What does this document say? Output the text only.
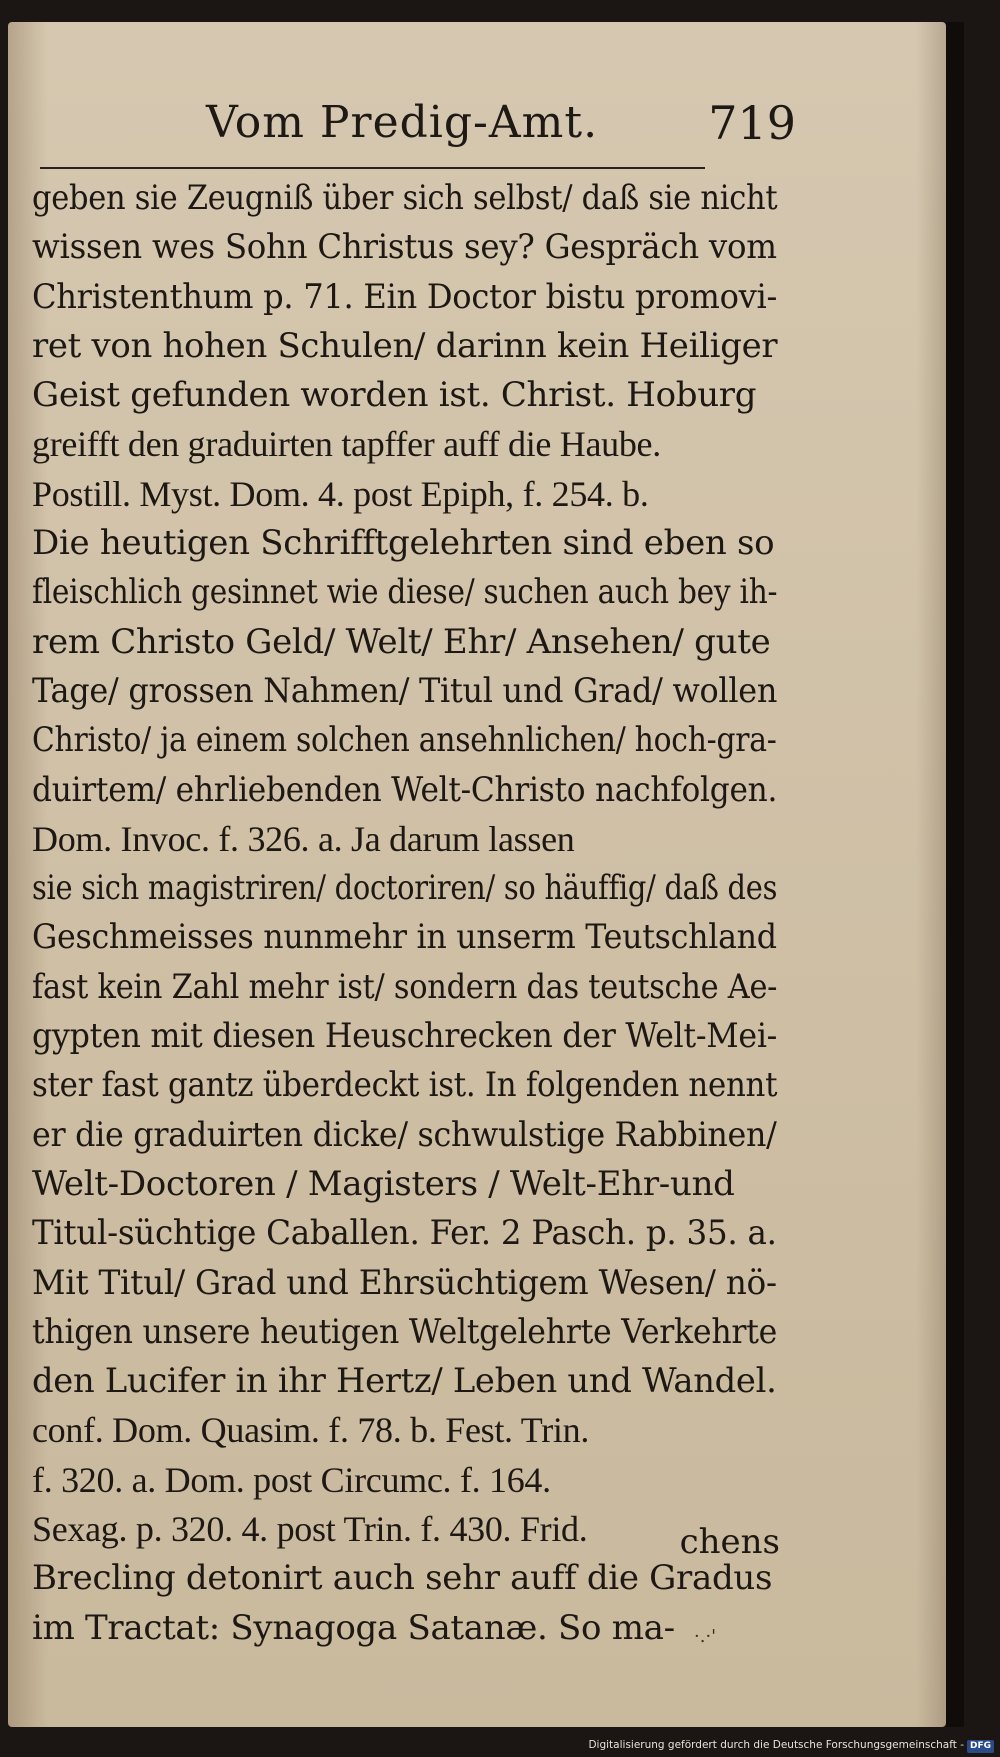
Vom Predig-Amt.	719
geben sie Zeugniß über sich selbst/ daß sie nicht
wissen wes Sohn Christus sey? Gespräch vom
Christenthum p. 71. Ein Doctor bistu promovi-
ret von hohen Schulen/ darinn kein Heiliger
Geist gefunden worden ist. Christ. Hoburg
greifft den graduirten tapffer auff die Haube.
Postill. Myst. Dom. 4. post Epiph, f. 254. b.
Die heutigen Schrifftgelehrten sind eben so
fleischlich gesinnet wie diese/ suchen auch bey ih-
rem Christo Geld/ Welt/ Ehr/ Ansehen/ gute
Tage/ grossen Nahmen/ Titul und Grad/ wollen
Christo/ ja einem solchen ansehnlichen/ hoch-gra-
duirtem/ ehrliebenden Welt-Christo nachfolgen.
Dom. Invoc. f. 326. a. Ja darum lassen
sie sich magistriren/ doctoriren/ so häuffig/ daß des
Geschmeisses nunmehr in unserm Teutschland
fast kein Zahl mehr ist/ sondern das teutsche Ae-
gypten mit diesen Heuschrecken der Welt-Mei-
ster fast gantz überdeckt ist. In folgenden nennt
er die graduirten dicke/ schwulstige Rabbinen/
Welt-Doctoren / Magisters / Welt-Ehr-und
Titul-süchtige Caballen. Fer. 2 Pasch. p. 35. a.
Mit Titul/ Grad und Ehrsüchtigem Wesen/ nö-
thigen unsere heutigen Weltgelehrte Verkehrte
den Lucifer in ihr Hertz/ Leben und Wandel.
conf. Dom. Quasim. f. 78. b. Fest. Trin.
f. 320. a. Dom. post Circumc. f. 164.
Sexag. p. 320. 4. post Trin. f. 430. Frid.
Brecling detonirt auch sehr auff die Gradus
im Tractat: Synagoga Satanæ. So ma-
chens
·.·'
Digitalisierung gefördert durch die Deutsche Forschungsgemeinschaft - DFG
